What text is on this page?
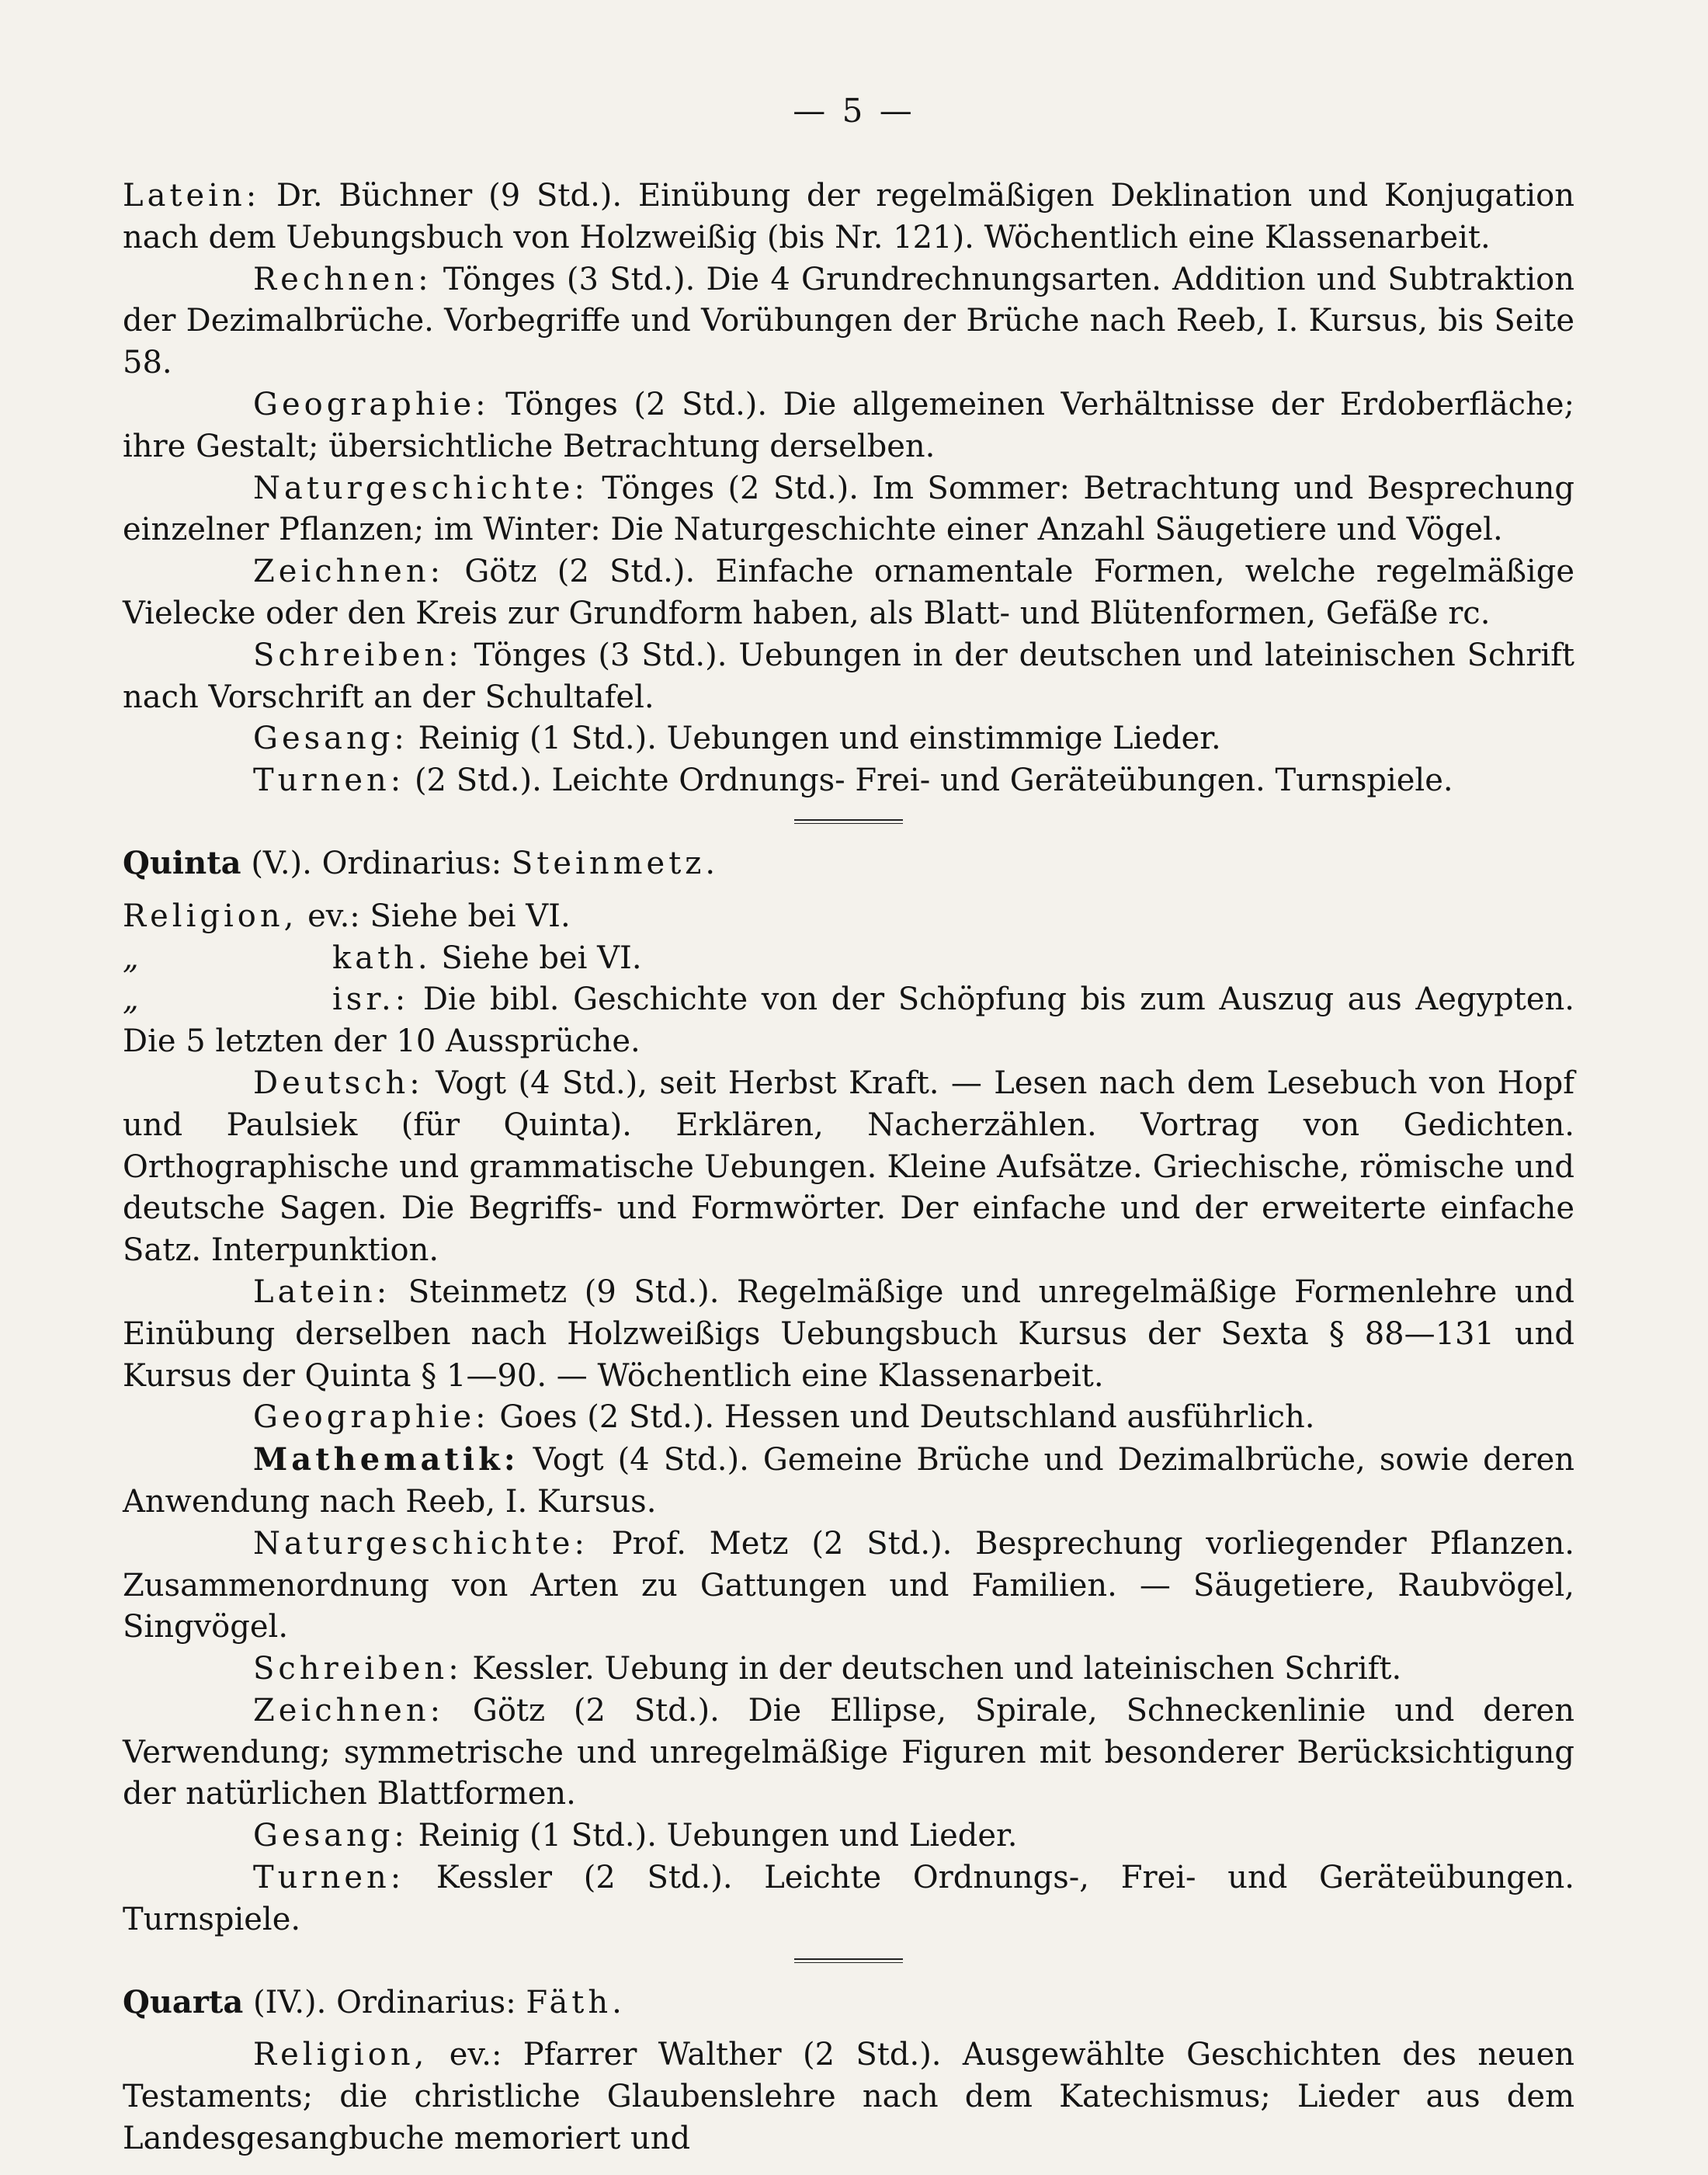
— 5 —

Latein: Dr. Büchner (9 Std.). Einübung der regelmäßigen Deklination und Konjugation nach dem Uebungsbuch von Holzweißig (bis Nr. 121). Wöchentlich eine Klassenarbeit.

Rechnen: Tönges (3 Std.). Die 4 Grundrechnungsarten. Addition und Subtraktion der Dezimalbrüche. Vorbegriffe und Vorübungen der Brüche nach Reeb, I. Kursus, bis Seite 58.

Geographie: Tönges (2 Std.). Die allgemeinen Verhältnisse der Erdoberfläche; ihre Gestalt; übersichtliche Betrachtung derselben.

Naturgeschichte: Tönges (2 Std.). Im Sommer: Betrachtung und Besprechung einzelner Pflanzen; im Winter: Die Naturgeschichte einer Anzahl Säugetiere und Vögel.

Zeichnen: Götz (2 Std.). Einfache ornamentale Formen, welche regelmäßige Vielecke oder den Kreis zur Grundform haben, als Blatt- und Blütenformen, Gefäße rc.

Schreiben: Tönges (3 Std.). Uebungen in der deutschen und lateinischen Schrift nach Vorschrift an der Schultafel.

Gesang: Reinig (1 Std.). Uebungen und einstimmige Lieder.

Turnen: (2 Std.). Leichte Ordnungs- Frei- und Geräteübungen. Turnspiele.

Quinta (V.). Ordinarius: Steinmetz.

Religion, ev.: Siehe bei VI.

„	kath. Siehe bei VI.

„	isr.: Die bibl. Geschichte von der Schöpfung bis zum Auszug aus Aegypten. Die 5 letzten der 10 Aussprüche.

Deutsch: Vogt (4 Std.), seit Herbst Kraft. — Lesen nach dem Lesebuch von Hopf und Paulsiek (für Quinta). Erklären, Nacherzählen. Vortrag von Gedichten. Orthographische und grammatische Uebungen. Kleine Aufsätze. Griechische, römische und deutsche Sagen. Die Begriffs- und Formwörter. Der einfache und der erweiterte einfache Satz. Interpunktion.

Latein: Steinmetz (9 Std.). Regelmäßige und unregelmäßige Formenlehre und Einübung derselben nach Holzweißigs Uebungsbuch Kursus der Sexta § 88—131 und Kursus der Quinta § 1—90. — Wöchentlich eine Klassenarbeit.

Geographie: Goes (2 Std.). Hessen und Deutschland ausführlich.

Mathematik: Vogt (4 Std.). Gemeine Brüche und Dezimalbrüche, sowie deren Anwendung nach Reeb, I. Kursus.

Naturgeschichte: Prof. Metz (2 Std.). Besprechung vorliegender Pflanzen. Zusammenordnung von Arten zu Gattungen und Familien. — Säugetiere, Raubvögel, Singvögel.

Schreiben: Kessler. Uebung in der deutschen und lateinischen Schrift.

Zeichnen: Götz (2 Std.). Die Ellipse, Spirale, Schneckenlinie und deren Verwendung; symmetrische und unregelmäßige Figuren mit besonderer Berücksichtigung der natürlichen Blattformen.

Gesang: Reinig (1 Std.). Uebungen und Lieder.

Turnen: Kessler (2 Std.). Leichte Ordnungs-, Frei- und Geräteübungen. Turnspiele.

Quarta (IV.). Ordinarius: Fäth.

Religion, ev.: Pfarrer Walther (2 Std.). Ausgewählte Geschichten des neuen Testaments; die christliche Glaubenslehre nach dem Katechismus; Lieder aus dem Landesgesangbuche memoriert und
